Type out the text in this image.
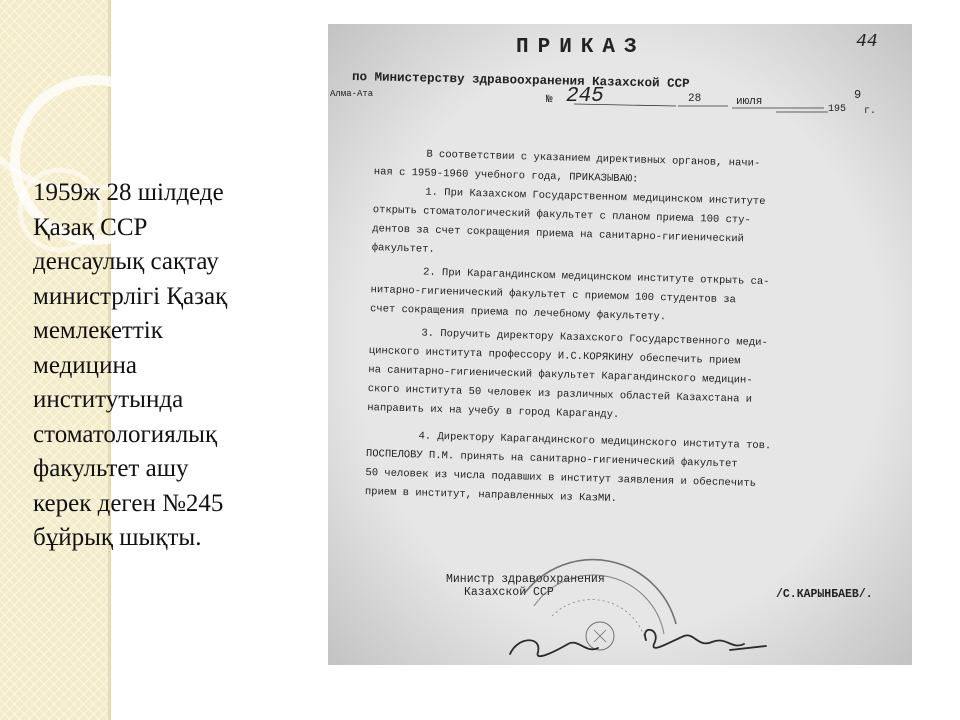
1959ж 28 шілдеде
Қазақ ССР
денсаулық сақтау
министрлігі Қазақ
мемлекеттік
медицина
институтында
стоматологиялық
факультет ашу
керек деген №245
бұйрық шықты.

44
ПРИКАЗ
по Министерству здравоохранения Казахской ССР
Алма-Ата	№ 245	28	июля
195
9
г.
В соответствии с указанием директивных органов, начи-
ная с 1959-1960 учебного года, ПРИКАЗЫВАЮ:
1. При Казахском Государственном медицинском институте
открыть стоматологический факультет с планом приема 100 сту-
дентов за счет сокращения приема на санитарно-гигиенический
факультет.
2. При Карагандинском медицинском институте открыть са-
нитарно-гигиенический факультет с приемом 100 студентов за
счет сокращения приема по лечебному факультету.
3. Поручить директору Казахского Государственного меди-
цинского института профессору И.С.КОРЯКИНУ обеспечить прием
на санитарно-гигиенический факультет Карагандинского медицин-
ского института 50 человек из различных областей Казахстана и
направить их на учебу в город Караганду.
4. Директору Карагандинского медицинского института тов.
ПОСПЕЛОВУ П.М. принять на санитарно-гигиенический факультет
50 человек из числа подавших в институт заявления и обеспечить
прием в институт, направленных из КазМИ.
Министр здравоохранения
Казахской ССР	/С.КАРЫНБАЕВ/.
